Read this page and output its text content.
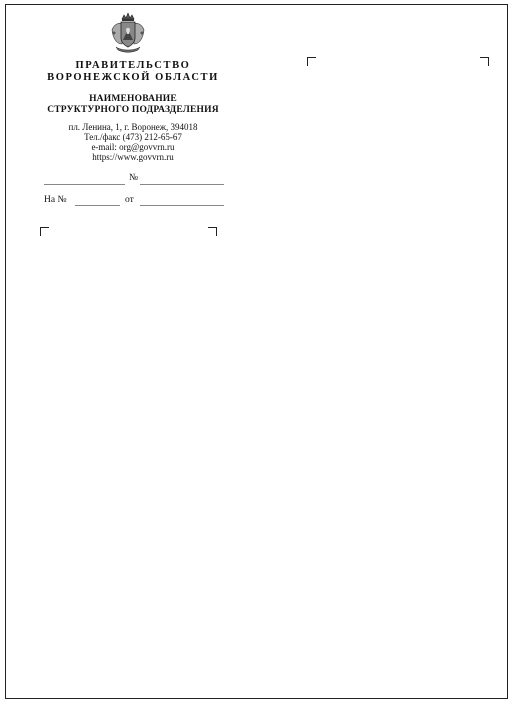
ПРАВИТЕЛЬСТВО
ВОРОНЕЖСКОЙ ОБЛАСТИ
НАИМЕНОВАНИЕ
СТРУКТУРНОГО ПОДРАЗДЕЛЕНИЯ
пл. Ленина, 1, г. Воронеж, 394018
Тел./факс (473) 212-65-67
e-mail: org@govvrn.ru
https://www.govvrn.ru
№
На №	от
